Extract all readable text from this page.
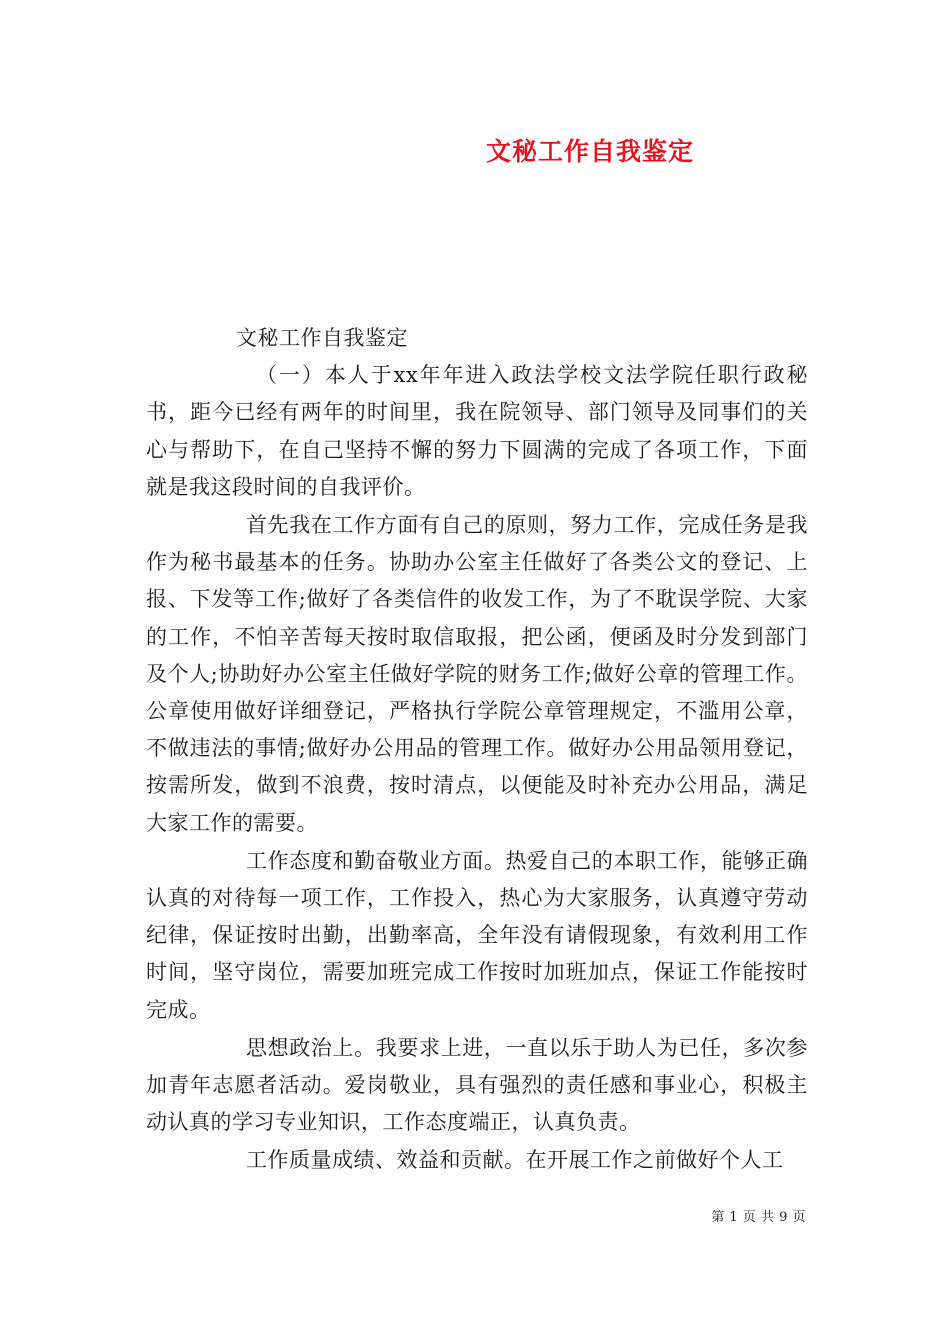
文秘工作自我鉴定

文秘工作自我鉴定

（一）本人于xx年年进入政法学校文法学院任职行政秘书，距今已经有两年的时间里，我在院领导、部门领导及同事们的关心与帮助下，在自己坚持不懈的努力下圆满的完成了各项工作，下面就是我这段时间的自我评价。

首先我在工作方面有自己的原则，努力工作，完成任务是我作为秘书最基本的任务。协助办公室主任做好了各类公文的登记、上报、下发等工作;做好了各类信件的收发工作，为了不耽误学院、大家的工作，不怕辛苦每天按时取信取报，把公函，便函及时分发到部门及个人;协助好办公室主任做好学院的财务工作;做好公章的管理工作。公章使用做好详细登记，严格执行学院公章管理规定，不滥用公章，不做违法的事情;做好办公用品的管理工作。做好办公用品领用登记，按需所发，做到不浪费，按时清点，以便能及时补充办公用品，满足大家工作的需要。

工作态度和勤奋敬业方面。热爱自己的本职工作，能够正确认真的对待每一项工作，工作投入，热心为大家服务，认真遵守劳动纪律，保证按时出勤，出勤率高，全年没有请假现象，有效利用工作时间，坚守岗位，需要加班完成工作按时加班加点，保证工作能按时完成。

思想政治上。我要求上进，一直以乐于助人为已任，多次参加青年志愿者活动。爱岗敬业，具有强烈的责任感和事业心，积极主动认真的学习专业知识，工作态度端正，认真负责。

工作质量成绩、效益和贡献。在开展工作之前做好个人工

第 1 页 共 9 页
